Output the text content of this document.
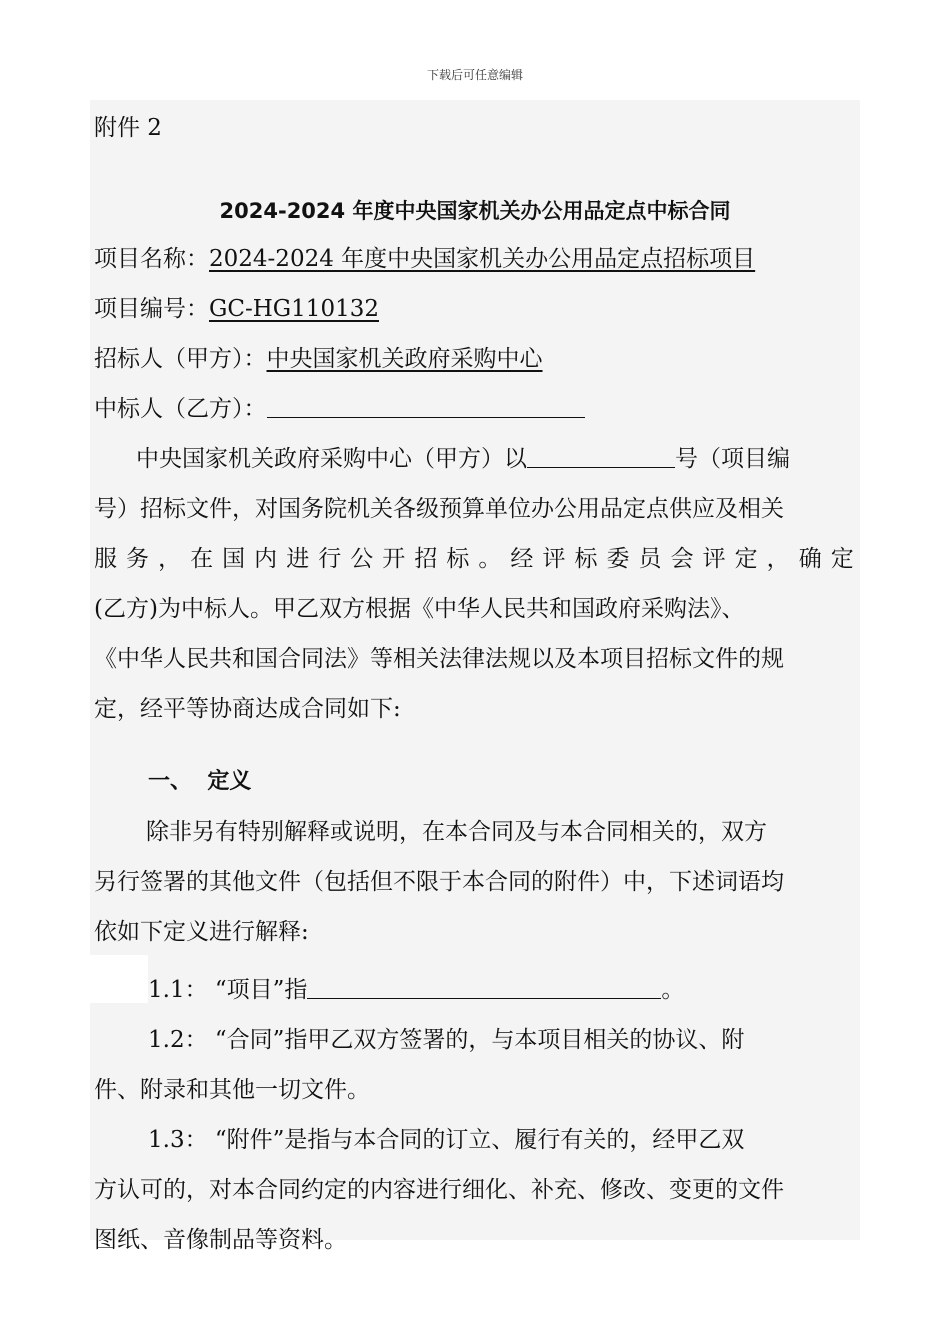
下载后可任意编辑
附件 2
2024-2024 年度中央国家机关办公用品定点中标合同
项目名称：2024-2024 年度中央国家机关办公用品定点招标项目
项目编号：GC-HG110132
招标人（甲方）：中央国家机关政府采购中心
中标人（乙方）：
中央国家机关政府采购中心（甲方）以	号（项目编
号）招标文件，对国务院机关各级预算单位办公用品定点供应及相关
服 务 ， 在 国 内 进 行 公 开 招 标 。 经 评 标 委 员 会 评 定 ， 确 定
(乙方)为中标人。甲乙双方根据《中华人民共和国政府采购法》、
《中华人民共和国合同法》等相关法律法规以及本项目招标文件的规
定，经平等协商达成合同如下:
一、 定义
除非另有特别解释或说明，在本合同及与本合同相关的，双方
另行签署的其他文件（包括但不限于本合同的附件）中，下述词语均
依如下定义进行解释:
1.1： “项目”指	。
1.2： “合同”指甲乙双方签署的，与本项目相关的协议、附
件、附录和其他一切文件。
1.3： “附件”是指与本合同的订立、履行有关的，经甲乙双
方认可的，对本合同约定的内容进行细化、补充、修改、变更的文件
图纸、音像制品等资料。
